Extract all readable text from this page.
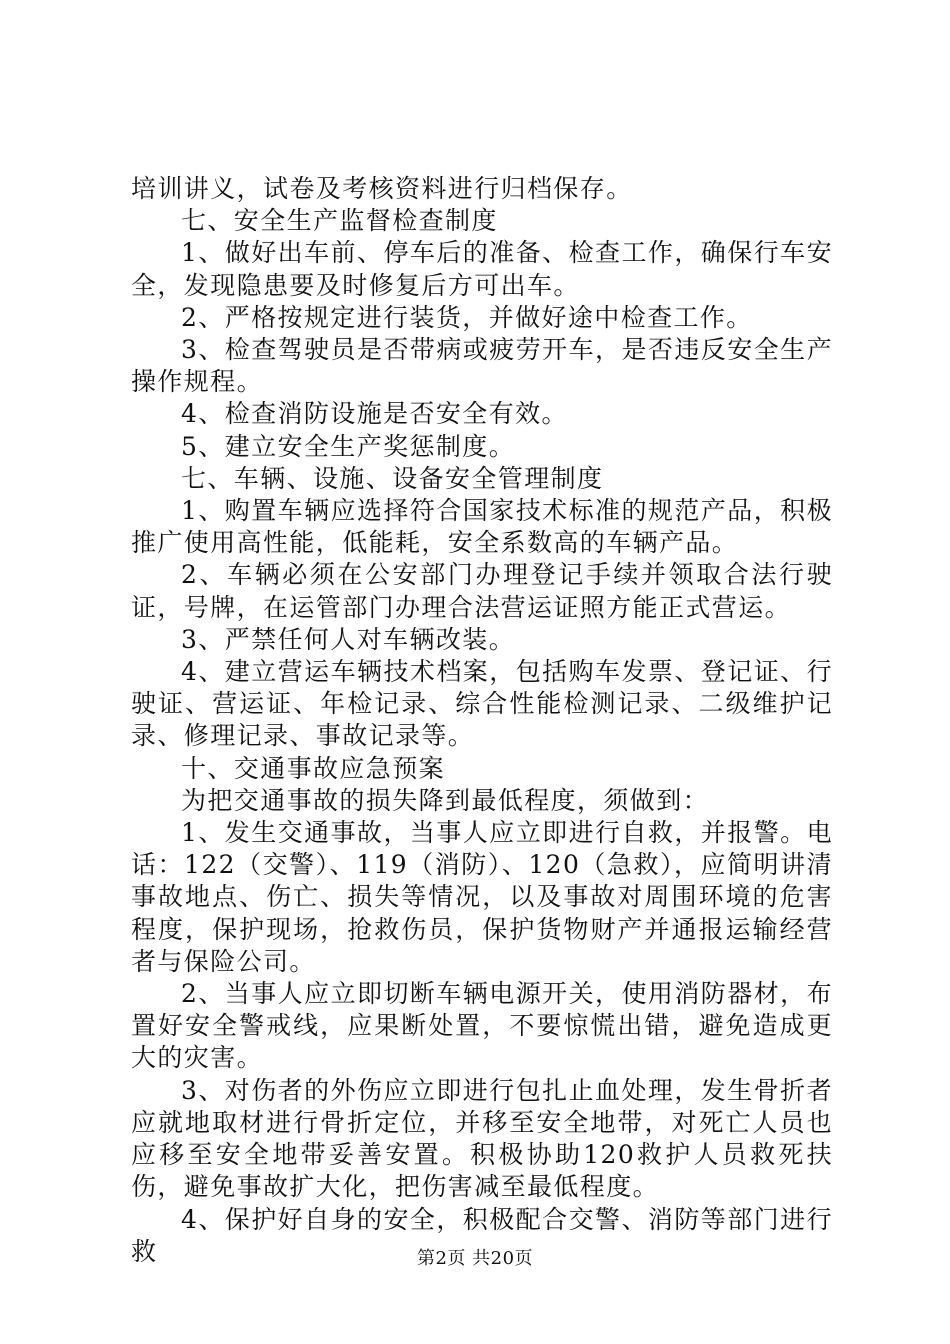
培训讲义，试卷及考核资料进行归档保存。

七、安全生产监督检查制度

1、做好出车前、停车后的准备、检查工作，确保行车安全，发现隐患要及时修复后方可出车。

2、严格按规定进行装货，并做好途中检查工作。

3、检查驾驶员是否带病或疲劳开车，是否违反安全生产操作规程。

4、检查消防设施是否安全有效。

5、建立安全生产奖惩制度。

七、车辆、设施、设备安全管理制度

1、购置车辆应选择符合国家技术标准的规范产品，积极推广使用高性能，低能耗，安全系数高的车辆产品。

2、车辆必须在公安部门办理登记手续并领取合法行驶证，号牌，在运管部门办理合法营运证照方能正式营运。

3、严禁任何人对车辆改装。

4、建立营运车辆技术档案，包括购车发票、登记证、行驶证、营运证、年检记录、综合性能检测记录、二级维护记录、修理记录、事故记录等。

十、交通事故应急预案

为把交通事故的损失降到最低程度，须做到：

1、发生交通事故，当事人应立即进行自救，并报警。电话：122（交警）、119（消防）、120（急救），应简明讲清事故地点、伤亡、损失等情况，以及事故对周围环境的危害程度，保护现场，抢救伤员，保护货物财产并通报运输经营者与保险公司。

2、当事人应立即切断车辆电源开关，使用消防器材，布置好安全警戒线，应果断处置，不要惊慌出错，避免造成更大的灾害。

3、对伤者的外伤应立即进行包扎止血处理，发生骨折者应就地取材进行骨折定位，并移至安全地带，对死亡人员也应移至安全地带妥善安置。积极协助120救护人员救死扶伤，避免事故扩大化，把伤害减至最低程度。

4、保护好自身的安全，积极配合交警、消防等部门进行救	第2页 共20页
